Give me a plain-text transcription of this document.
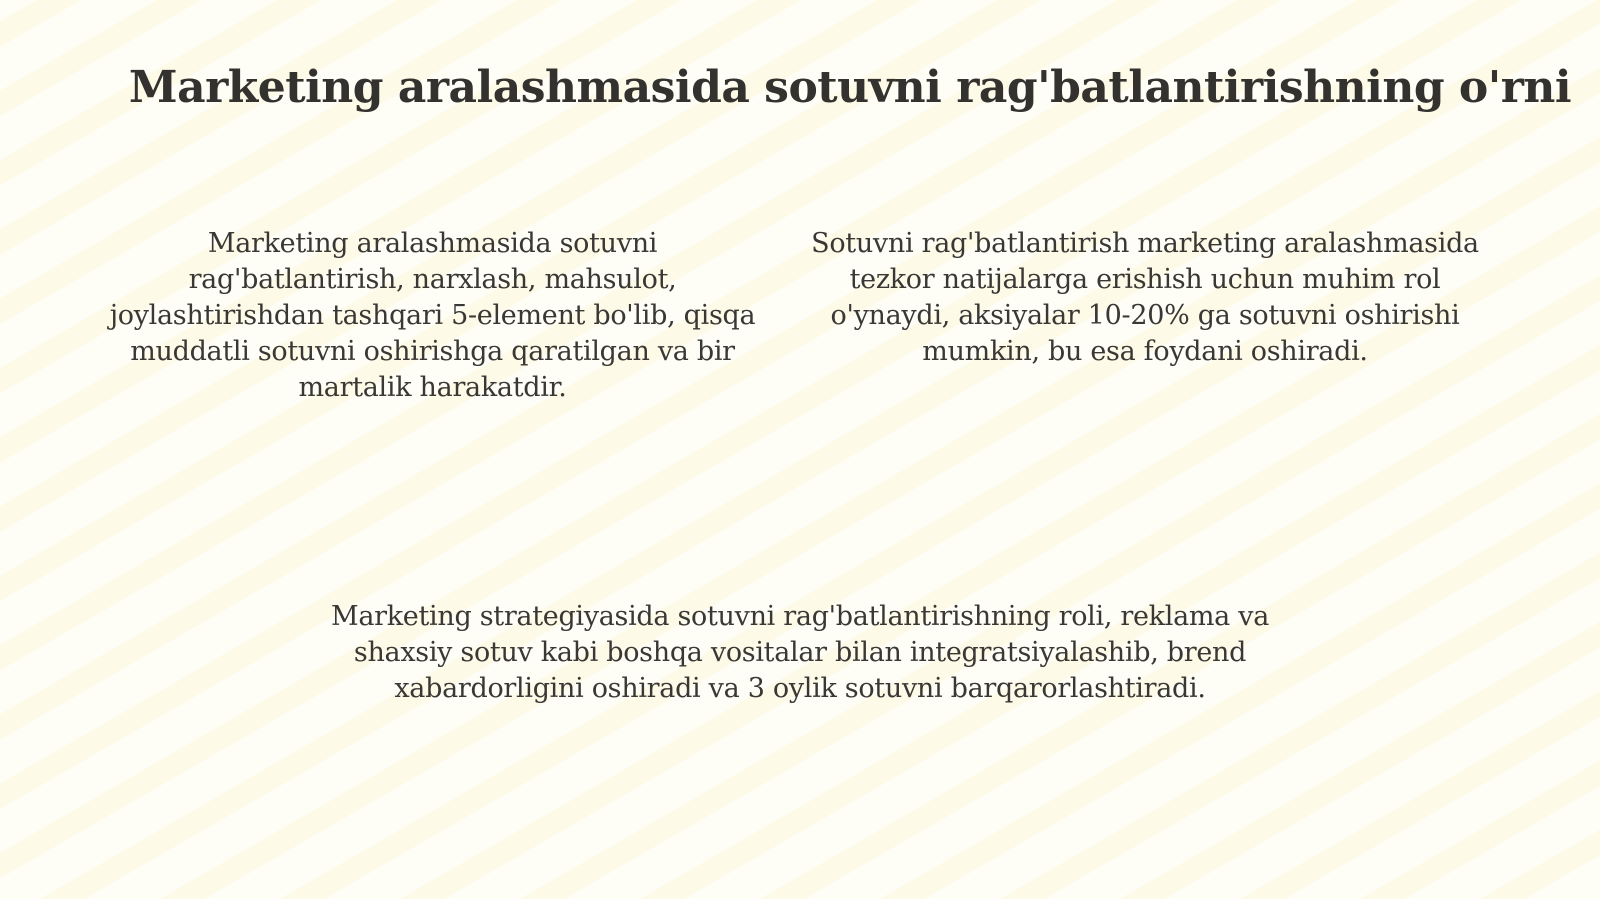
Marketing aralashmasida sotuvni rag'batlantirishning o'rni

Marketing aralashmasida sotuvni rag'batlantirish, narxlash, mahsulot, joylashtirishdan tashqari 5-element bo'lib, qisqa muddatli sotuvni oshirishga qaratilgan va bir martalik harakatdir.

Sotuvni rag'batlantirish marketing aralashmasida tezkor natijalarga erishish uchun muhim rol o'ynaydi, aksiyalar 10-20% ga sotuvni oshirishi mumkin, bu esa foydani oshiradi.

Marketing strategiyasida sotuvni rag'batlantirishning roli, reklama va shaxsiy sotuv kabi boshqa vositalar bilan integratsiyalashib, brend xabardorligini oshiradi va 3 oylik sotuvni barqarorlashtiradi.
